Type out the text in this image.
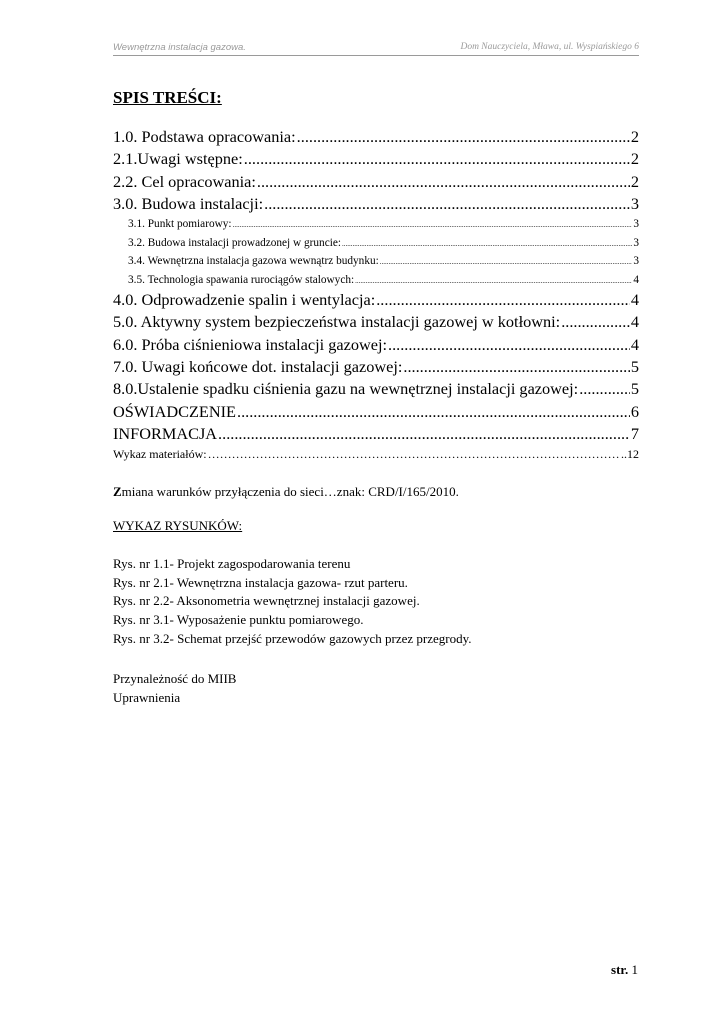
Wewnętrzna instalacja gazowa.	Dom Nauczyciela, Mława, ul. Wyspiańskiego 6
SPIS TREŚCI:
1.0. Podstawa opracowania: .....	2
2.1.Uwagi wstępne: .....	2
2.2. Cel opracowania: .....	2
3.0. Budowa instalacji: .....	3
3.1. Punkt pomiarowy: .....	3
3.2. Budowa instalacji prowadzonej w gruncie: .....	3
3.4. Wewnętrzna instalacja gazowa wewnątrz budynku: .....	3
3.5. Technologia spawania rurociągów stalowych: .....	4
4.0. Odprowadzenie spalin i wentylacja: .....	4
5.0. Aktywny system bezpieczeństwa instalacji gazowej w kotłowni: .....	4
6.0. Próba ciśnieniowa instalacji gazowej: .....	4
7.0. Uwagi końcowe dot. instalacji gazowej: .....	5
8.0.Ustalenie spadku ciśnienia gazu na wewnętrznej instalacji gazowej: .....	5
OŚWIADCZENIE .....	6
INFORMACJA .....	7
Wykaz materiałów: ……………………………………………………………………………………………………………………………………………	..12

Zmiana warunków przyłączenia do sieci…znak: CRD/I/165/2010.

WYKAZ RYSUNKÓW:

Rys. nr 1.1- Projekt zagospodarowania terenu
Rys. nr 2.1- Wewnętrzna instalacja gazowa- rzut parteru.
Rys. nr 2.2- Aksonometria wewnętrznej instalacji gazowej.
Rys. nr 3.1- Wyposażenie punktu pomiarowego.
Rys. nr 3.2- Schemat przejść przewodów gazowych przez przegrody.
Przynależność do MIIB
Uprawnienia
str. 1
